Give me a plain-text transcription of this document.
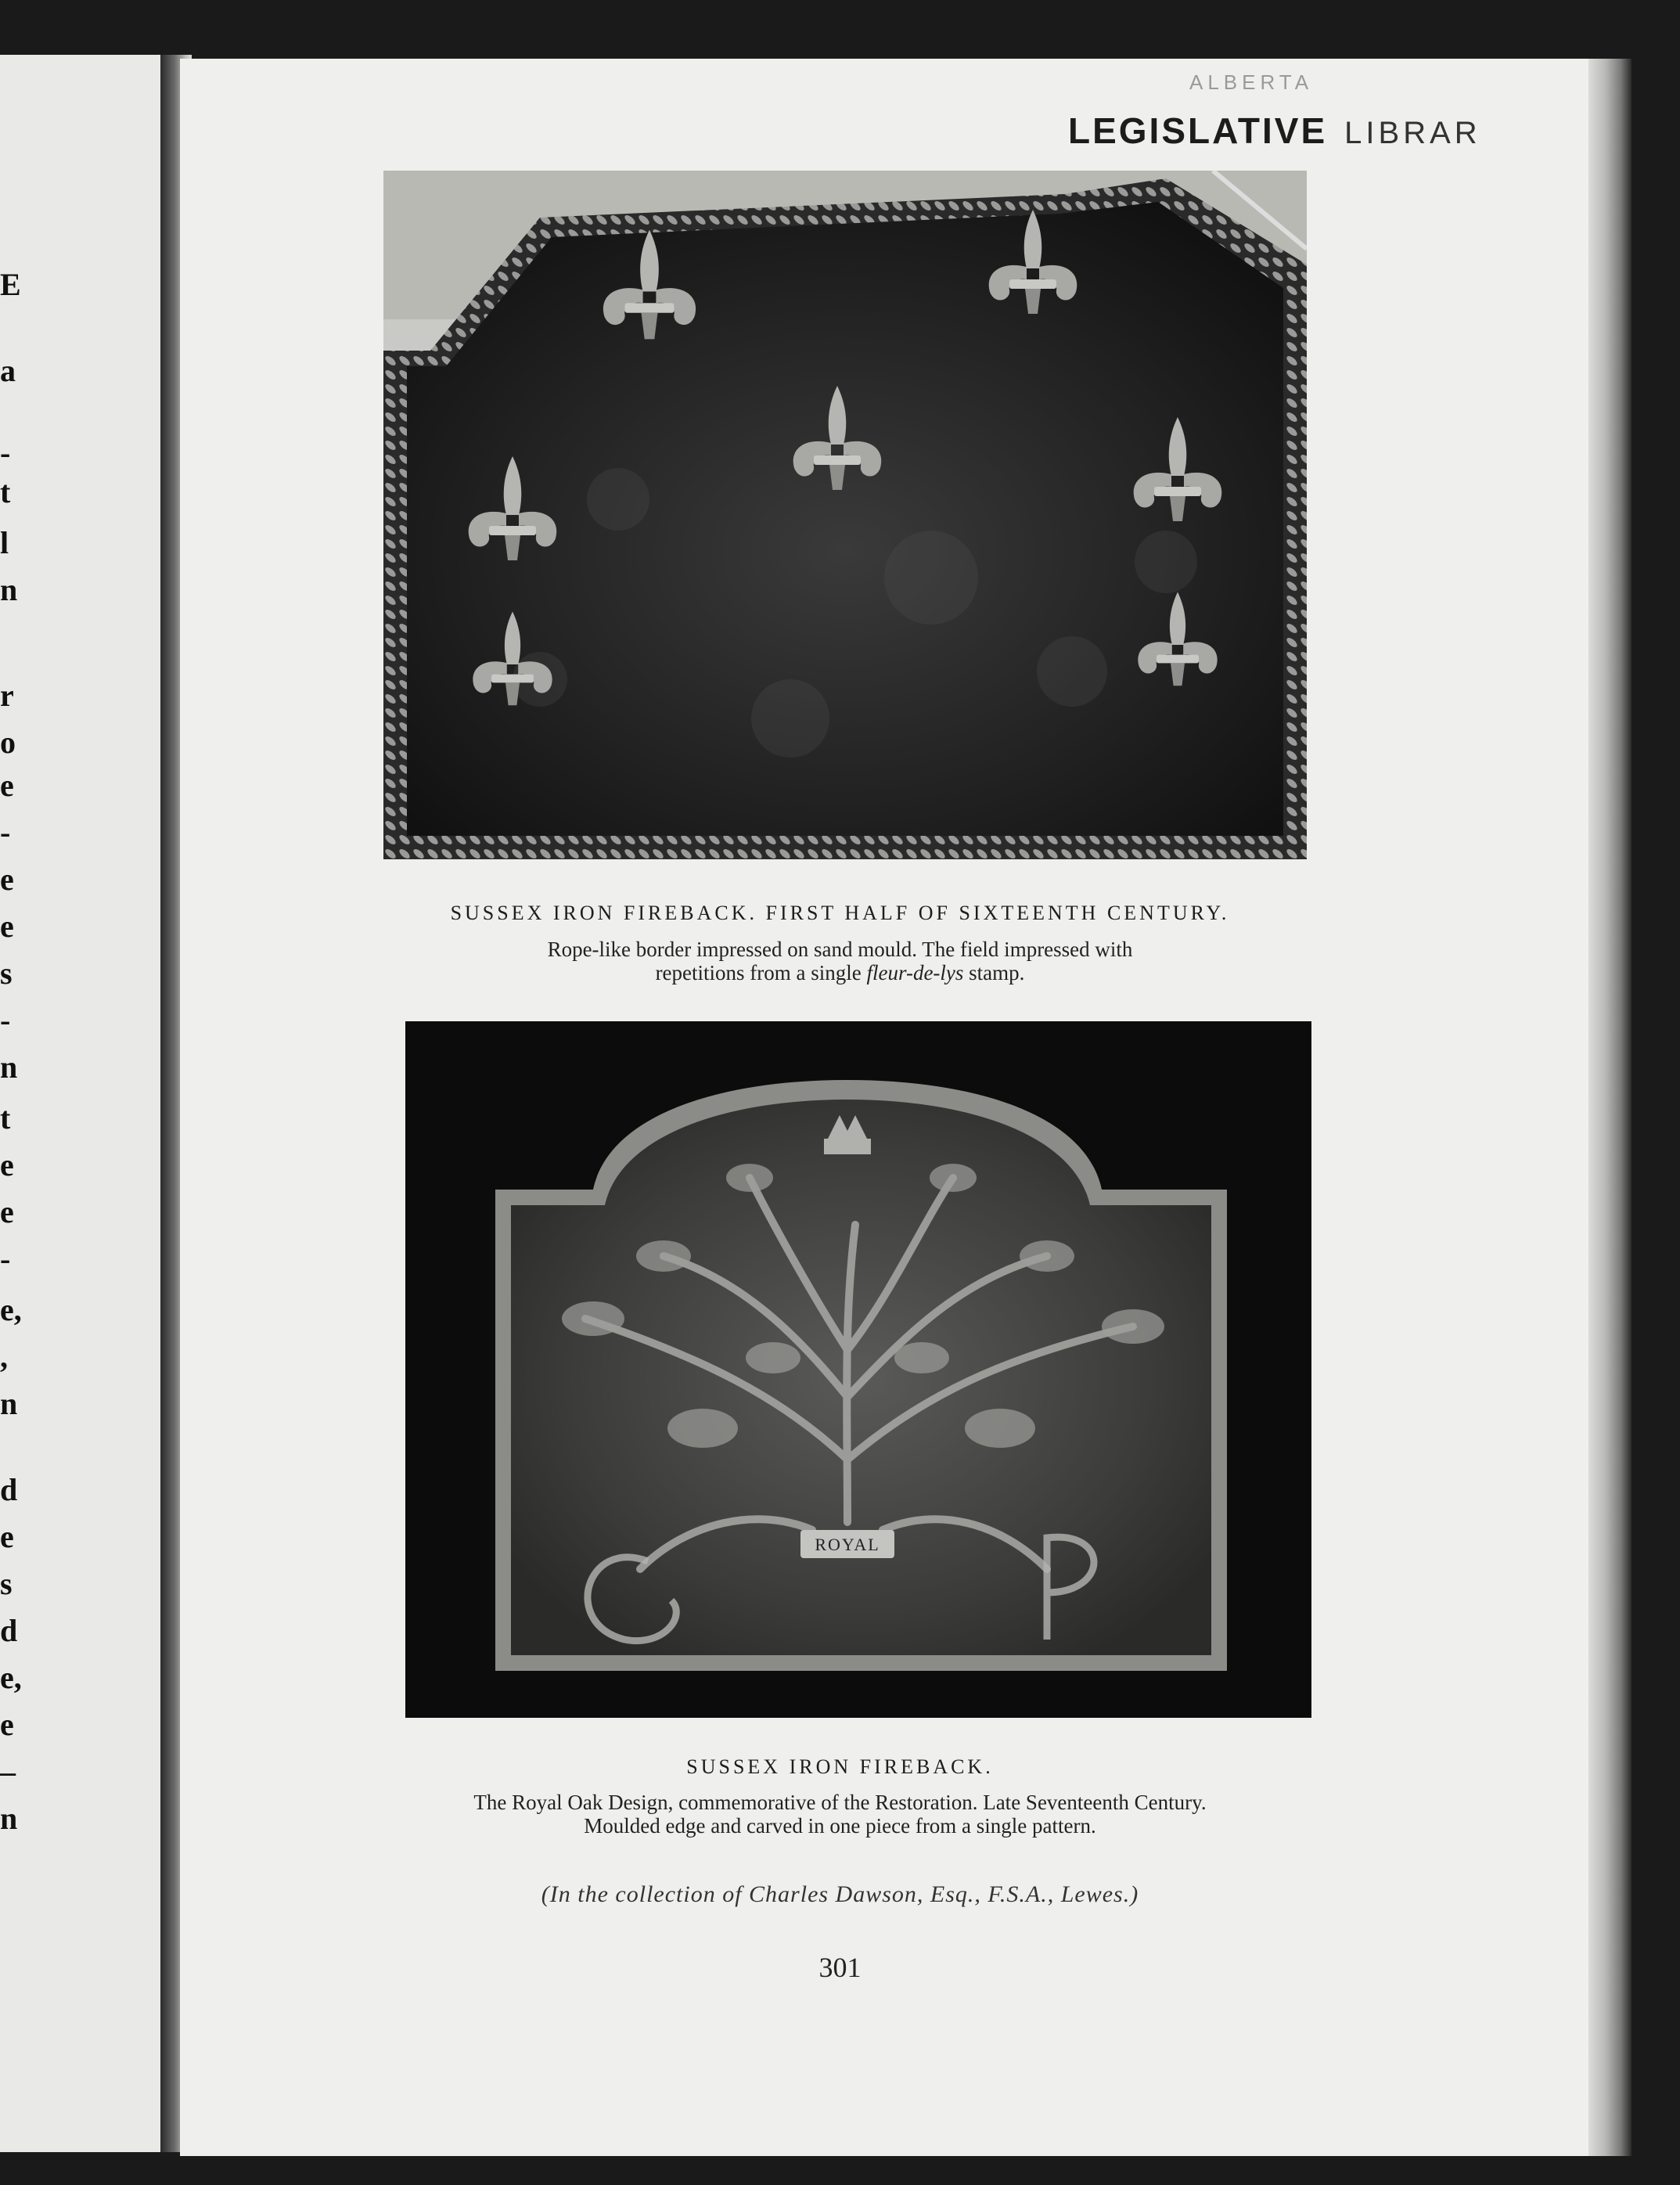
E
a
-
t
l
n
r
o
e
-
e
e
s
-
n
t
e
e
-
e,
,
n
d
e
s
d
e,
e
–
n
ALBERTA
LEGISLATIVE LIBRAR
SUSSEX IRON FIREBACK. FIRST HALF OF SIXTEENTH CENTURY.
Rope-like border impressed on sand mould. The field impressed with
repetitions from a single fleur-de-lys stamp.
ROYAL
SUSSEX IRON FIREBACK.
The Royal Oak Design, commemorative of the Restoration. Late Seventeenth Century.
Moulded edge and carved in one piece from a single pattern.
(In the collection of Charles Dawson, Esq., F.S.A., Lewes.)
301
